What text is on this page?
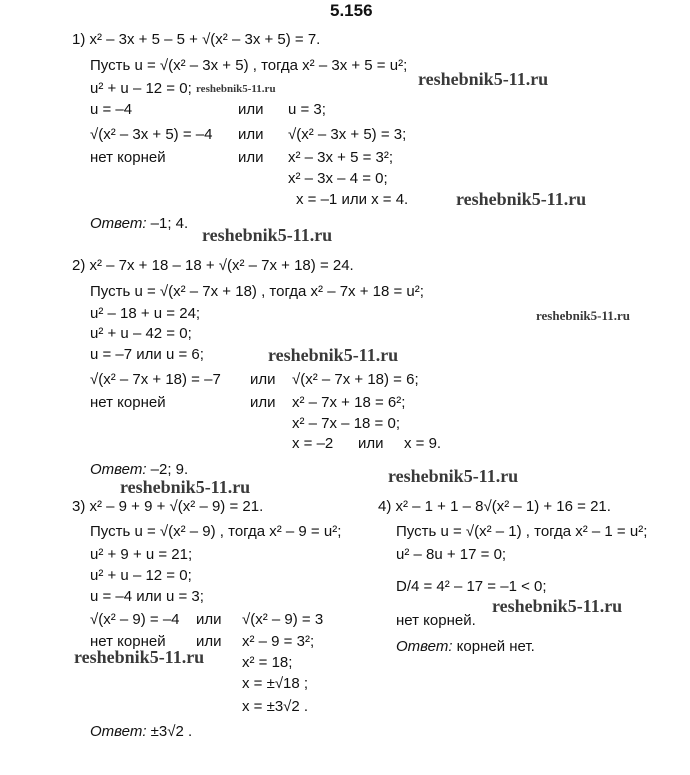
5.156
1) x² – 3x + 5 – 5 + √(x² – 3x + 5) = 7.
Пусть u = √(x² – 3x + 5) , тогда x² – 3x + 5 = u²;
u² + u – 12 = 0;
u = –4	или u = 3;
√(x² – 3x + 5) = –4 или √(x² – 3x + 5) = 3;
нет корней	или x² – 3x + 5 = 3²;
x² – 3x – 4 = 0;
x = –1 или x = 4.
Ответ: –1; 4.
2) x² – 7x + 18 – 18 + √(x² – 7x + 18) = 24.
Пусть u = √(x² – 7x + 18) , тогда x² – 7x + 18 = u²;
u² – 18 + u = 24;
u² + u – 42 = 0;
u = –7 или u = 6;
√(x² – 7x + 18) = –7 или √(x² – 7x + 18) = 6;
нет корней	или x² – 7x + 18 = 6²;
x² – 7x – 18 = 0;
x = –2 или x = 9.
Ответ: –2; 9.
3) x² – 9 + 9 + √(x² – 9) = 21.
Пусть u = √(x² – 9) , тогда x² – 9 = u²;
u² + 9 + u = 21;
u² + u – 12 = 0;
u = –4 или u = 3;
√(x² – 9) = –4 или √(x² – 9) = 3
нет корней или x² – 9 = 3²;
x² = 18;
x = ±√18 ;
x = ±3√2 .
Ответ: ±3√2 .
4) x² – 1 + 1 – 8√(x² – 1) + 16 = 21.
Пусть u = √(x² – 1) , тогда x² – 1 = u²;
u² – 8u + 17 = 0;
D/4 = 4² – 17 = –1 < 0;
нет корней.
Ответ: корней нет.
reshebnik5-11.ru
reshebnik5-11.ru
reshebnik5-11.ru
reshebnik5-11.ru
reshebnik5-11.ru
reshebnik5-11.ru
reshebnik5-11.ru
reshebnik5-11.ru
reshebnik5-11.ru
reshebnik5-11.ru
